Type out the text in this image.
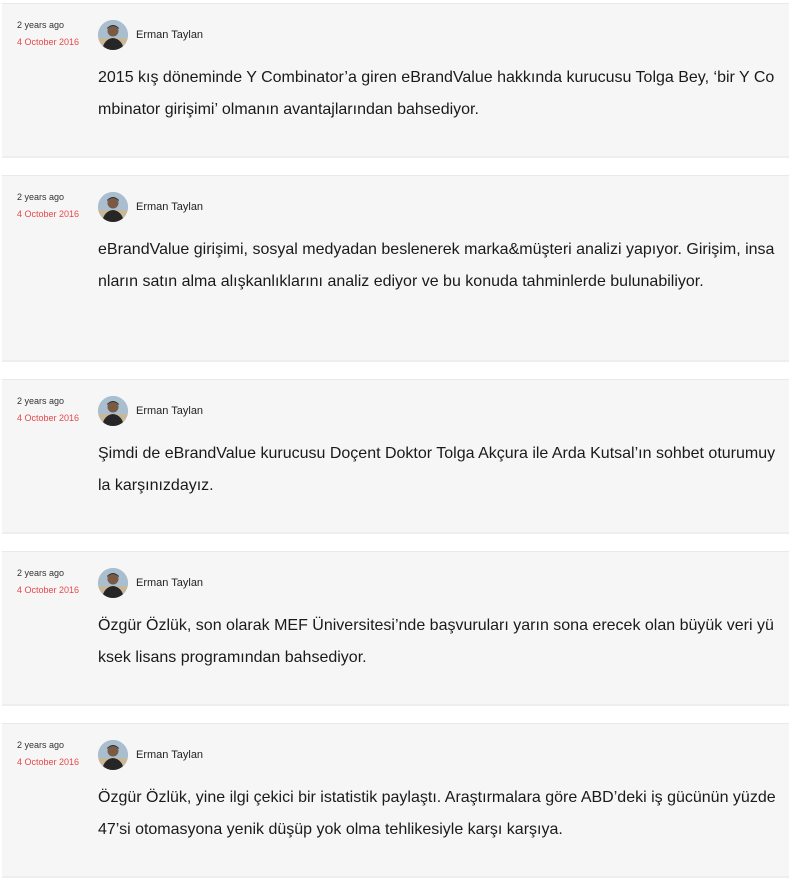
2 years ago
4 October 2016
Erman Taylan
2015 kış döneminde Y Combinator’a giren eBrandValue hakkında kurucusu Tolga Bey, ‘bir Y Combinator girişimi’ olmanın avantajlarından bahsediyor.
2 years ago
4 October 2016
Erman Taylan
eBrandValue girişimi, sosyal medyadan beslenerek marka&müşteri analizi yapıyor. Girişim, insanların satın alma alışkanlıklarını analiz ediyor ve bu konuda tahminlerde bulunabiliyor.
2 years ago
4 October 2016
Erman Taylan
Şimdi de eBrandValue kurucusu Doçent Doktor Tolga Akçura ile Arda Kutsal’ın sohbet oturumuyla karşınızdayız.
2 years ago
4 October 2016
Erman Taylan
Özgür Özlük, son olarak MEF Üniversitesi’nde başvuruları yarın sona erecek olan büyük veri yüksek lisans programından bahsediyor.
2 years ago
4 October 2016
Erman Taylan
Özgür Özlük, yine ilgi çekici bir istatistik paylaştı. Araştırmalara göre ABD’deki iş gücünün yüzde 47’si otomasyona yenik düşüp yok olma tehlikesiyle karşı karşıya.
